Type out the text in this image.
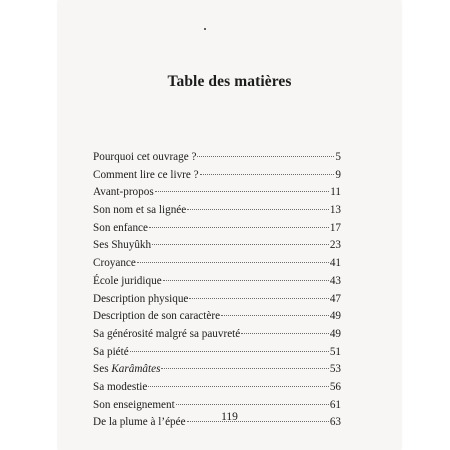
Table des matières
Pourquoi cet ouvrage ?	5
Comment lire ce livre ?	9
Avant-propos	11
Son nom et sa lignée	13
Son enfance	17
Ses Shuyûkh	23
Croyance	41
École juridique	43
Description physique	47
Description de son caractère	49
Sa générosité malgré sa pauvreté	49
Sa piété	51
Ses Karâmâtes	53
Sa modestie	56
Son enseignement	61
De la plume à l’épée	63
119
